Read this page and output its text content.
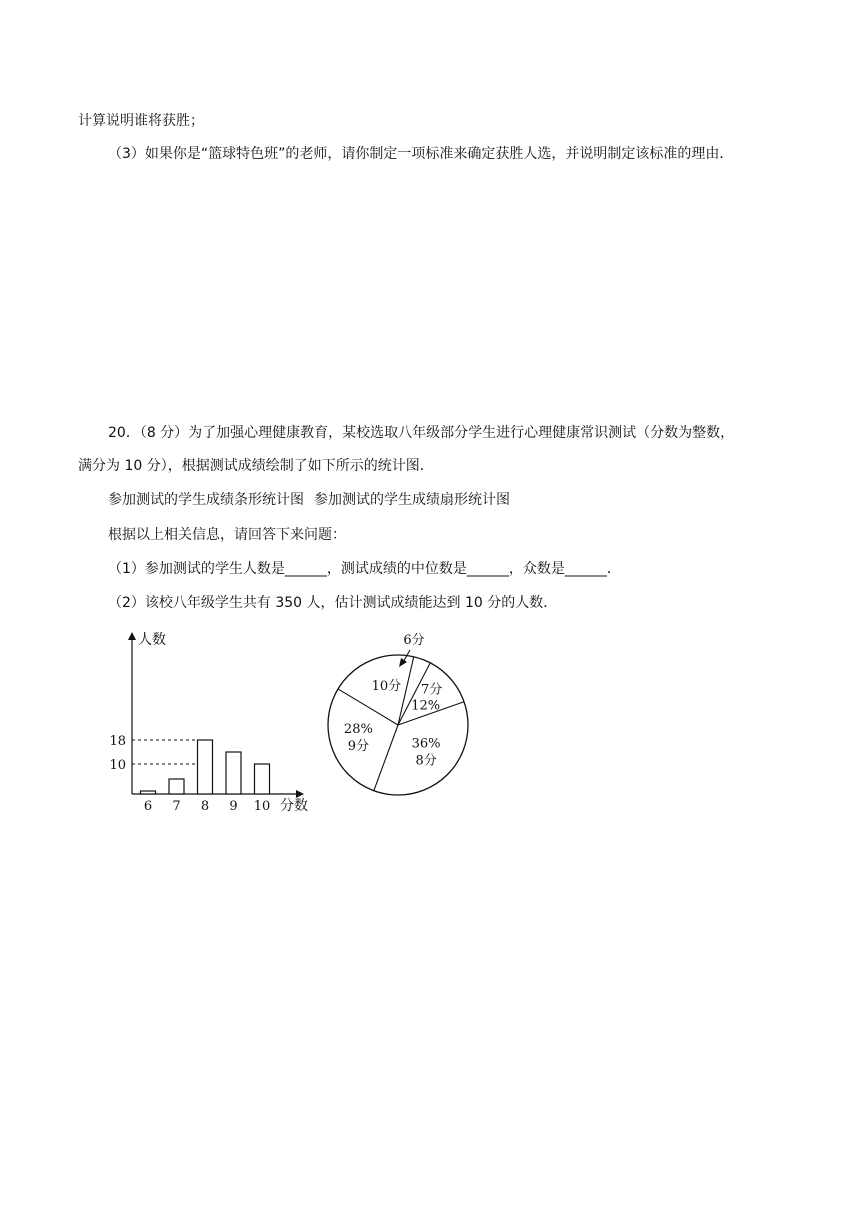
计算说明谁将获胜；
（3）如果你是“篮球特色班”的老师，请你制定一项标准来确定获胜人选，并说明制定该标准的理由．
20．（8 分）为了加强心理健康教育，某校选取八年级部分学生进行心理健康常识测试（分数为整数，
满分为 10 分），根据测试成绩绘制了如下所示的统计图．
参加测试的学生成绩条形统计图 参加测试的学生成绩扇形统计图
根据以上相关信息，请回答下来问题：
（1）参加测试的学生人数是______，测试成绩的中位数是______，众数是______．
（2）该校八年级学生共有 350 人，估计测试成绩能达到 10 分的人数．
人数
分数
18
10
6 7 8 9 10
6分
7分
12%
36%
8分
28%
9分
10分
